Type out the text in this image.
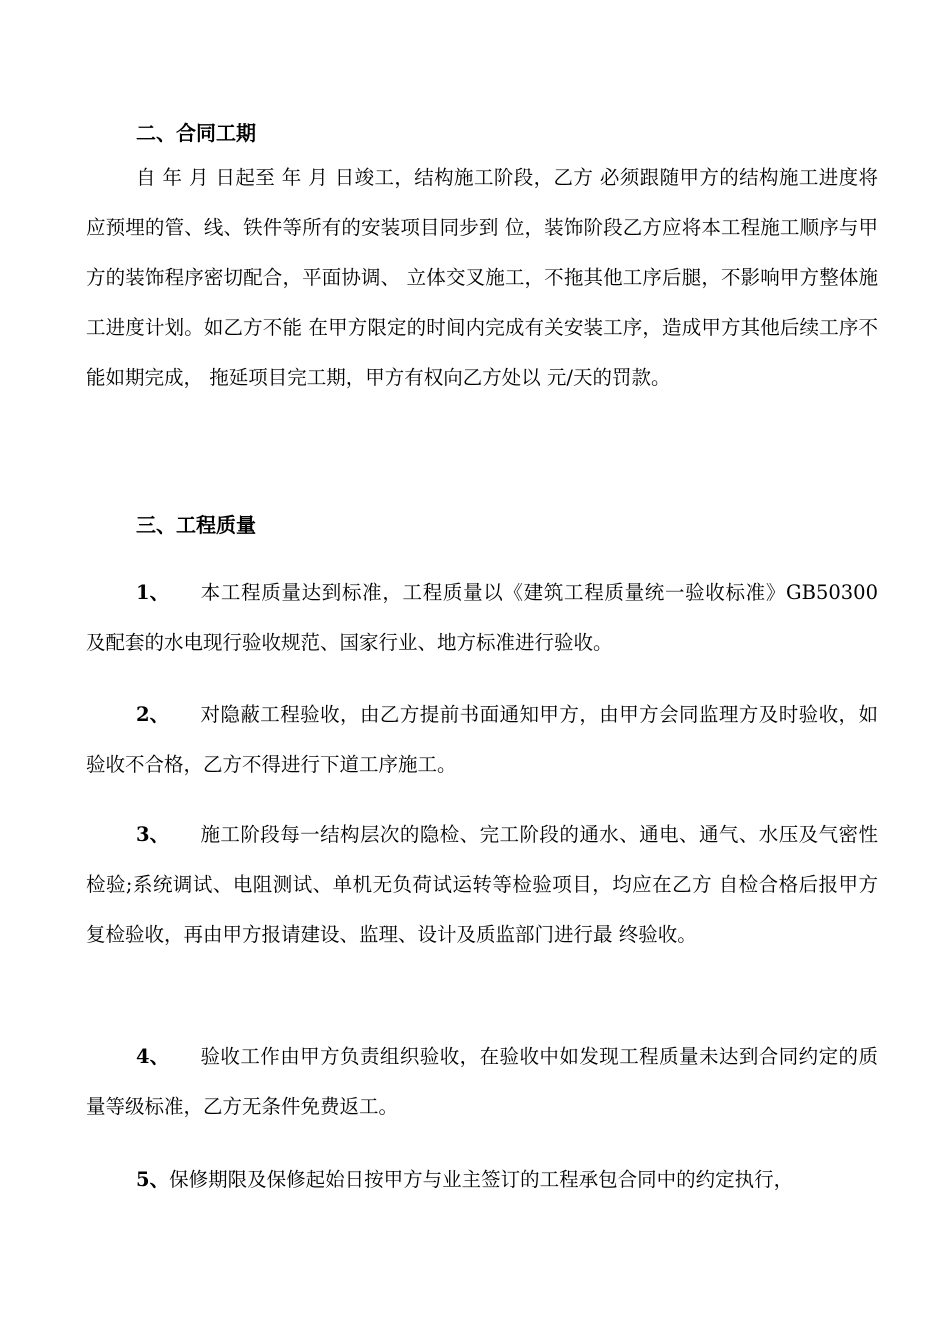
二、合同工期
自 年 月 日起至 年 月 日竣工，结构施工阶段，乙方 必须跟随甲方的结构施工进度将应预埋的管、线、铁件等所有的安装项目同步到 位，装饰阶段乙方应将本工程施工顺序与甲方的装饰程序密切配合，平面协调、 立体交叉施工，不拖其他工序后腿，不影响甲方整体施工进度计划。如乙方不能 在甲方限定的时间内完成有关安装工序，造成甲方其他后续工序不能如期完成， 拖延项目完工期，甲方有权向乙方处以 元/天的罚款。
三、工程质量
1、 本工程质量达到标准，工程质量以《建筑工程质量统一验收标准》GB50300 及配套的水电现行验收规范、国家行业、地方标准进行验收。
2、 对隐蔽工程验收，由乙方提前书面通知甲方，由甲方会同监理方及时验收，如验收不合格，乙方不得进行下道工序施工。
3、 施工阶段每一结构层次的隐检、完工阶段的通水、通电、通气、水压及气密性检验;系统调试、电阻测试、单机无负荷试运转等检验项目，均应在乙方 自检合格后报甲方复检验收，再由甲方报请建设、监理、设计及质监部门进行最 终验收。
4、 验收工作由甲方负责组织验收，在验收中如发现工程质量未达到合同约定的质量等级标准，乙方无条件免费返工。
5、保修期限及保修起始日按甲方与业主签订的工程承包合同中的约定执行，
